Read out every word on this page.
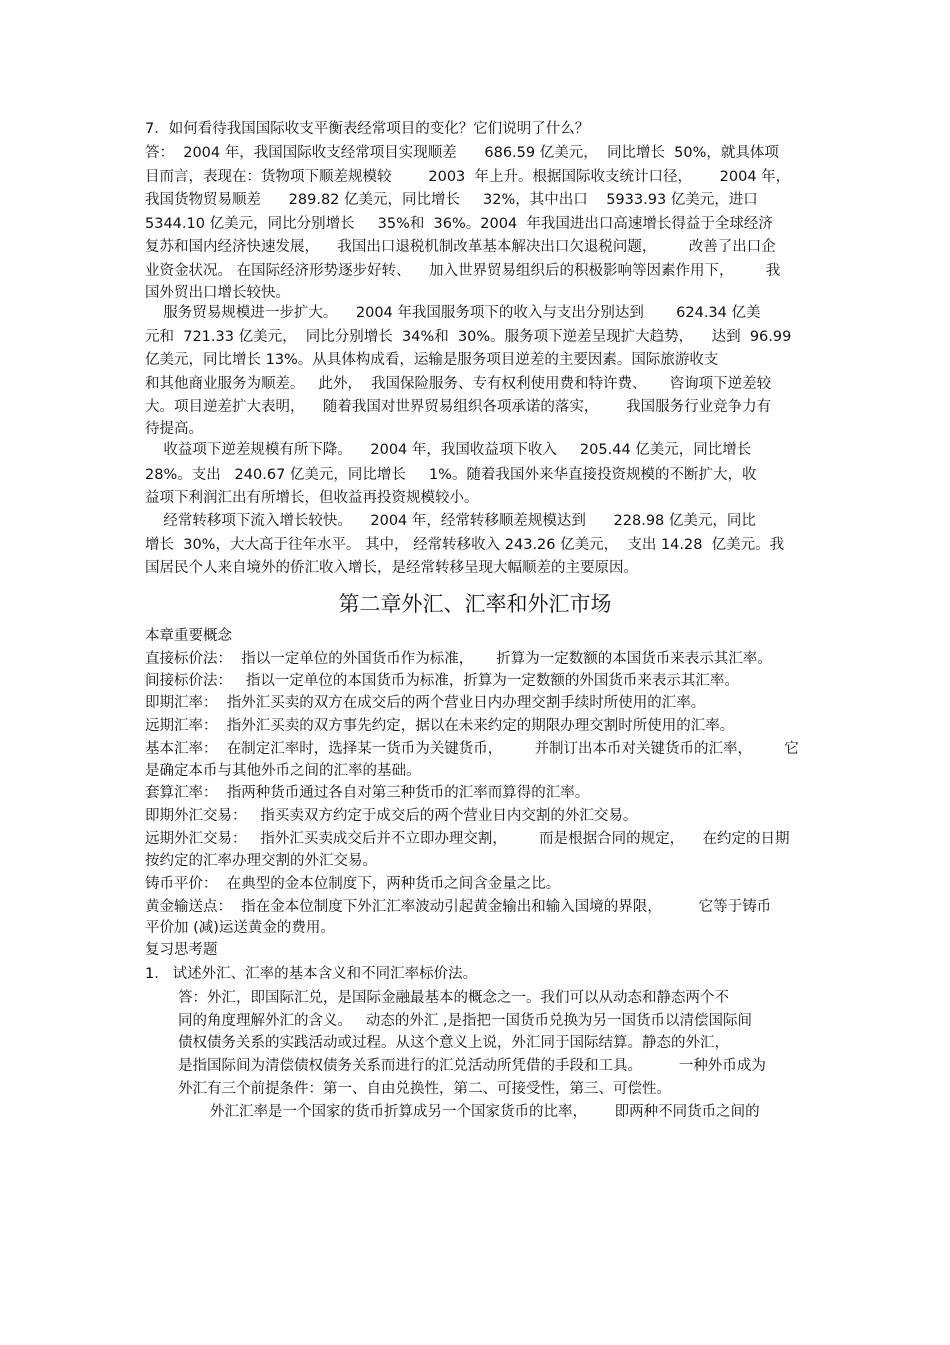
7．如何看待我国国际收支平衡表经常项目的变化？它们说明了什么？
答：  2004 年，我国国际收支经常项目实现顺差      686.59 亿美元，  同比增长  50%，就具体项
目而言，表现在：货物项下顺差规模较        2003  年上升。根据国际收支统计口径，      2004 年，
我国货物贸易顺差      289.82 亿美元，同比增长     32%，其中出口    5933.93 亿美元，进口
5344.10 亿美元，同比分别增长     35%和  36%。2004  年我国进出口高速增长得益于全球经济
复苏和国内经济快速发展，    我国出口退税机制改革基本解决出口欠退税问题，       改善了出口企
业资金状况。 在国际经济形势逐步好转、    加入世界贸易组织后的积极影响等因素作用下，       我
国外贸出口增长较快。
服务贸易规模进一步扩大。    2004 年我国服务项下的收入与支出分别达到       624.34 亿美
元和  721.33 亿美元，  同比分别增长  34%和  30%。服务项下逆差呈现扩大趋势，    达到  96.99
亿美元，同比增长 13%。从具体构成看，运输是服务项目逆差的主要因素。国际旅游收支
和其他商业服务为顺差。   此外，  我国保险服务、专有权利使用费和特许费、     咨询项下逆差较
大。项目逆差扩大表明，    随着我国对世界贸易组织各项承诺的落实，      我国服务行业竞争力有
待提高。
收益项下逆差规模有所下降。    2004 年，我国收益项下收入     205.44 亿美元，同比增长
28%。支出   240.67 亿美元，同比增长     1%。随着我国外来华直接投资规模的不断扩大，收
益项下利润汇出有所增长，但收益再投资规模较小。
经常转移项下流入增长较快。    2004 年，经常转移顺差规模达到      228.98 亿美元，同比
增长  30%，大大高于往年水平。 其中， 经常转移收入 243.26 亿美元，  支出 14.28  亿美元。我
国居民个人来自境外的侨汇收入增长，是经常转移呈现大幅顺差的主要原因。
第二章外汇、汇率和外汇市场
本章重要概念
直接标价法：  指以一定单位的外国货币作为标准，     折算为一定数额的本国货币来表示其汇率。
间接标价法：   指以一定单位的本国货币为标准，折算为一定数额的外国货币来表示其汇率。
即期汇率：  指外汇买卖的双方在成交后的两个营业日内办理交割手续时所使用的汇率。
远期汇率：  指外汇买卖的双方事先约定，据以在未来约定的期限办理交割时所使用的汇率。
基本汇率：  在制定汇率时，选择某一货币为关键货币，       并制订出本币对关键货币的汇率，       它
是确定本币与其他外币之间的汇率的基础。
套算汇率：  指两种货币通过各自对第三种货币的汇率而算得的汇率。
即期外汇交易：   指买卖双方约定于成交后的两个营业日内交割的外汇交易。
远期外汇交易：   指外汇买卖成交后并不立即办理交割，       而是根据合同的规定，    在约定的日期
按约定的汇率办理交割的外汇交易。
铸币平价：  在典型的金本位制度下，两种货币之间含金量之比。
黄金输送点：  指在金本位制度下外汇汇率波动引起黄金输出和输入国境的界限，        它等于铸币
平价加 (减)运送黄金的费用。
复习思考题
1.   试述外汇、汇率的基本含义和不同汇率标价法。
答：外汇，即国际汇兑，是国际金融最基本的概念之一。我们可以从动态和静态两个不
同的角度理解外汇的含义。   动态的外汇 ,是指把一国货币兑换为另一国货币以清偿国际间
债权债务关系的实践活动或过程。从这个意义上说，外汇同于国际结算。静态的外汇，
是指国际间为清偿债权债务关系而进行的汇兑活动所凭借的手段和工具。        一种外币成为
外汇有三个前提条件：第一、自由兑换性，第二、可接受性，第三、可偿性。
外汇汇率是一个国家的货币折算成另一个国家货币的比率，      即两种不同货币之间的
